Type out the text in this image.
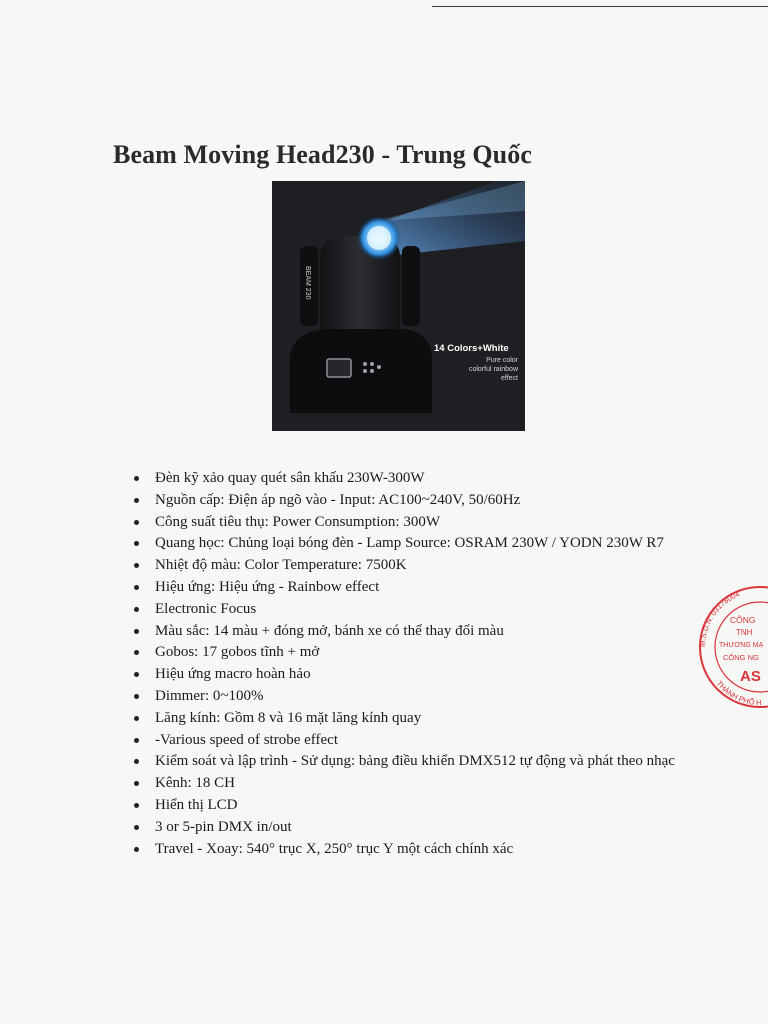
Beam Moving Head230 - Trung Quốc
BEAM 230
14 Colors+White
Pure color
colorful rainbow
effect
Đèn kỹ xảo quay quét sân khấu 230W-300W
Nguồn cấp: Điện áp ngõ vào - Input: AC100~240V, 50/60Hz
Công suất tiêu thụ: Power Consumption: 300W
Quang học: Chủng loại bóng đèn - Lamp Source: OSRAM 230W / YODN 230W R7
Nhiệt độ màu: Color Temperature: 7500K
Hiệu ứng: Hiệu ứng - Rainbow effect
Electronic Focus
Màu sắc: 14 màu + đóng mở, bánh xe có thể thay đổi màu
Gobos: 17 gobos tĩnh + mở
Hiệu ứng macro hoàn hảo
Dimmer: 0~100%
Lăng kính: Gồm 8 và 16 mặt lăng kính quay
-Various speed of strobe effect
Kiểm soát và lập trình - Sử dụng: bảng điều khiển DMX512 tự động và phát theo nhạc
Kênh: 18 CH
Hiển thị LCD
3 or 5-pin DMX in/out
Travel - Xoay: 540° trục X, 250° trục Y một cách chính xác
M.S.D.N: 03178004
THÀNH PHỐ H
CÔNG
TNH
THƯƠNG MẠ
CÔNG NG
AS
